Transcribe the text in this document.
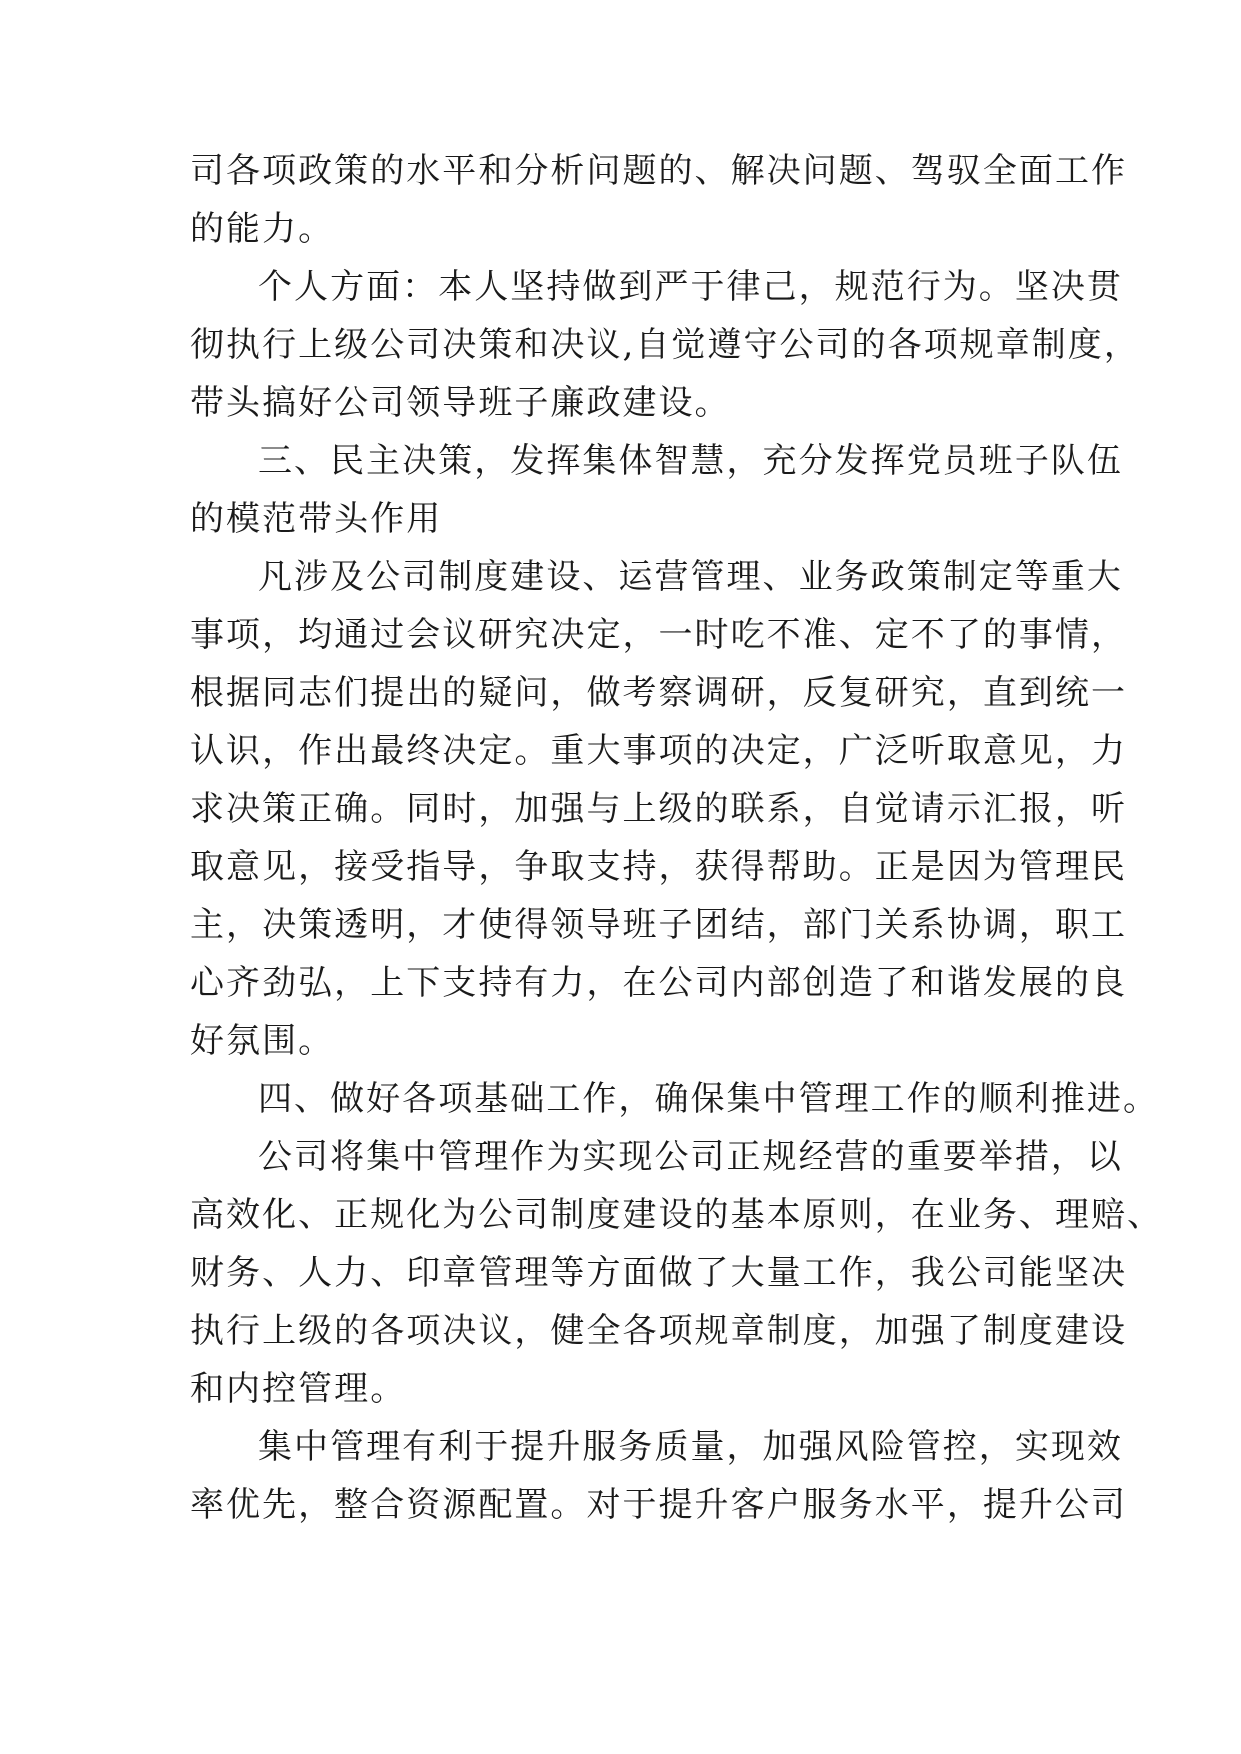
司各项政策的水平和分析问题的、解决问题、驾驭全面工作
的能力。
个人方面：本人坚持做到严于律己，规范行为。坚决贯
彻执行上级公司决策和决议,自觉遵守公司的各项规章制度，
带头搞好公司领导班子廉政建设。
三、民主决策，发挥集体智慧，充分发挥党员班子队伍
的模范带头作用
凡涉及公司制度建设、运营管理、业务政策制定等重大
事项，均通过会议研究决定，一时吃不准、定不了的事情，
根据同志们提出的疑问，做考察调研，反复研究，直到统一
认识，作出最终决定。重大事项的决定，广泛听取意见，力
求决策正确。同时，加强与上级的联系，自觉请示汇报，听
取意见，接受指导，争取支持，获得帮助。正是因为管理民
主，决策透明，才使得领导班子团结，部门关系协调，职工
心齐劲弘，上下支持有力，在公司内部创造了和谐发展的良
好氛围。
四、做好各项基础工作，确保集中管理工作的顺利推进。
公司将集中管理作为实现公司正规经营的重要举措，以
高效化、正规化为公司制度建设的基本原则，在业务、理赔、
财务、人力、印章管理等方面做了大量工作，我公司能坚决
执行上级的各项决议，健全各项规章制度，加强了制度建设
和内控管理。
集中管理有利于提升服务质量，加强风险管控，实现效
率优先，整合资源配置。对于提升客户服务水平，提升公司
